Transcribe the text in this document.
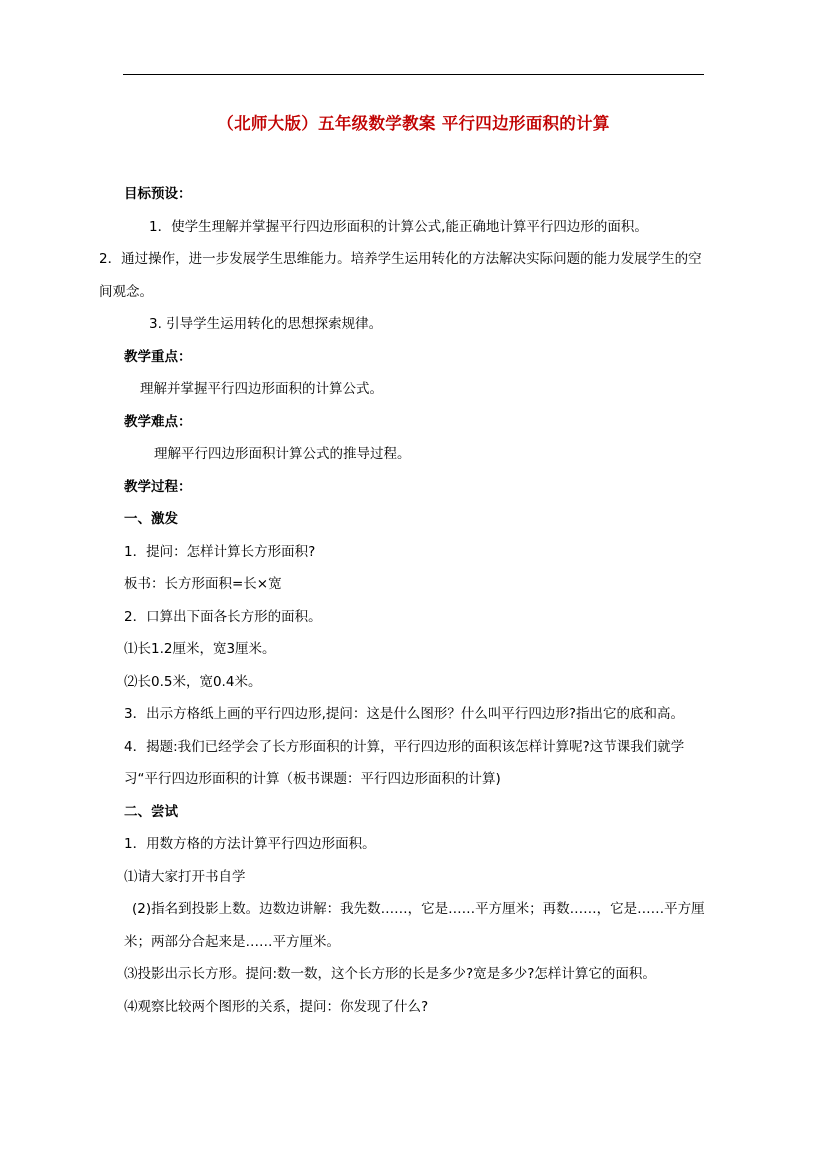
（北师大版）五年级数学教案 平行四边形面积的计算

目标预设：

1．使学生理解并掌握平行四边形面积的计算公式,能正确地计算平行四边形的面积。

2．通过操作，进一步发展学生思维能力。培养学生运用转化的方法解决实际问题的能力发展学生的空间观念。

3. 引导学生运用转化的思想探索规律。

教学重点：

理解并掌握平行四边形面积的计算公式。

教学难点：

理解平行四边形面积计算公式的推导过程。

教学过程：

一、激发

1．提问：怎样计算长方形面积?

板书：长方形面积=长×宽

2．口算出下面各长方形的面积。

⑴长1.2厘米，宽3厘米。

⑵长0.5米，宽0.4米。

3．出示方格纸上画的平行四边形,提问：这是什么图形？什么叫平行四边形?指出它的底和高。

4．揭题:我们已经学会了长方形面积的计算，平行四边形的面积该怎样计算呢?这节课我们就学习“平行四边形面积的计算（板书课题：平行四边形面积的计算)

二、尝试

1．用数方格的方法计算平行四边形面积。

⑴请大家打开书自学

(2)指名到投影上数。边数边讲解：我先数……，它是……平方厘米；再数……，它是……平方厘米；两部分合起来是……平方厘米。

⑶投影出示长方形。提问:数一数，这个长方形的长是多少?宽是多少?怎样计算它的面积。

⑷观察比较两个图形的关系，提问：你发现了什么?
